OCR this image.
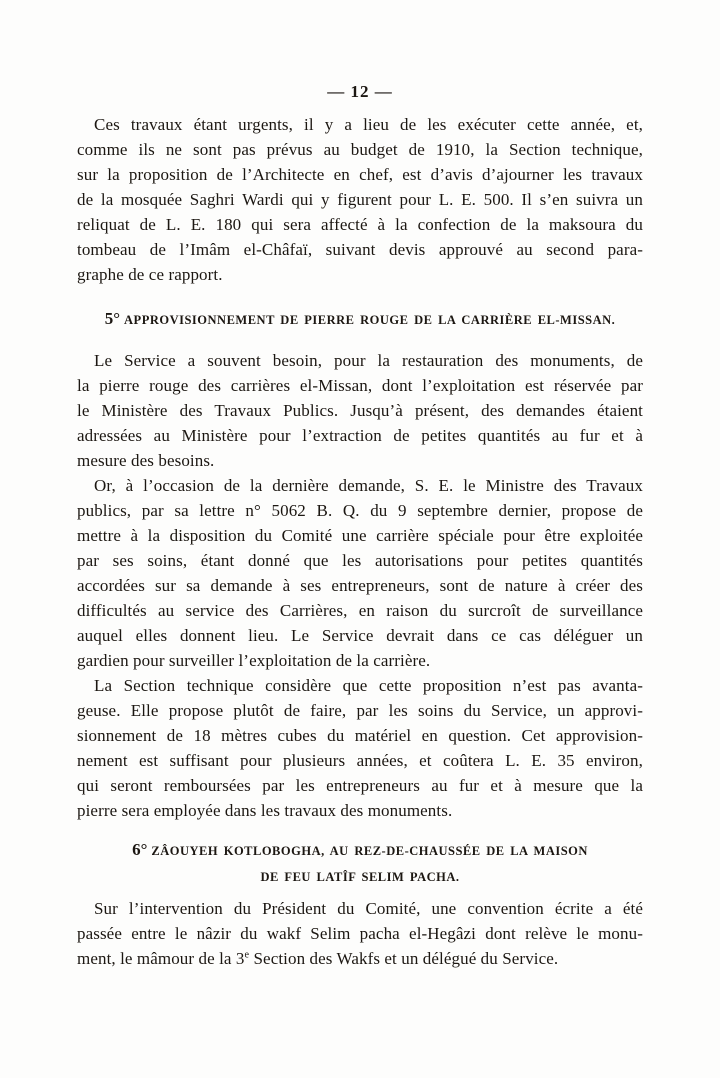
— 12 —
Ces travaux étant urgents, il y a lieu de les exécuter cette année, et,
comme ils ne sont pas prévus au budget de 1910, la Section technique,
sur la proposition de l’Architecte en chef, est d’avis d’ajourner les travaux
de la mosquée Saghri Wardi qui y figurent pour L. E. 500. Il s’en suivra un
reliquat de L. E. 180 qui sera affecté à la confection de la maksoura du
tombeau de l’Imâm el-Châfaï, suivant devis approuvé au second para-
graphe de ce rapport.
5° APPROVISIONNEMENT DE PIERRE ROUGE DE LA CARRIÈRE EL-MISSAN.
Le Service a souvent besoin, pour la restauration des monuments, de
la pierre rouge des carrières el-Missan, dont l’exploitation est réservée par
le Ministère des Travaux Publics. Jusqu’à présent, des demandes étaient
adressées au Ministère pour l’extraction de petites quantités au fur et à
mesure des besoins.
Or, à l’occasion de la dernière demande, S. E. le Ministre des Travaux
publics, par sa lettre n° 5062 B. Q. du 9 septembre dernier, propose de
mettre à la disposition du Comité une carrière spéciale pour être exploitée
par ses soins, étant donné que les autorisations pour petites quantités
accordées sur sa demande à ses entrepreneurs, sont de nature à créer des
difficultés au service des Carrières, en raison du surcroît de surveillance
auquel elles donnent lieu. Le Service devrait dans ce cas déléguer un
gardien pour surveiller l’exploitation de la carrière.
La Section technique considère que cette proposition n’est pas avanta-
geuse. Elle propose plutôt de faire, par les soins du Service, un approvi-
sionnement de 18 mètres cubes du matériel en question. Cet approvision-
nement est suffisant pour plusieurs années, et coûtera L. E. 35 environ,
qui seront remboursées par les entrepreneurs au fur et à mesure que la
pierre sera employée dans les travaux des monuments.
6° ZÂOUYEH KOTLOBOGHA, AU REZ-DE-CHAUSSÉE DE LA MAISON
DE FEU LATÎF SELIM PACHA.
Sur l’intervention du Président du Comité, une convention écrite a été
passée entre le nâzir du wakf Selim pacha el-Hegâzi dont relève le monu-
ment, le mâmour de la 3e Section des Wakfs et un délégué du Service.
